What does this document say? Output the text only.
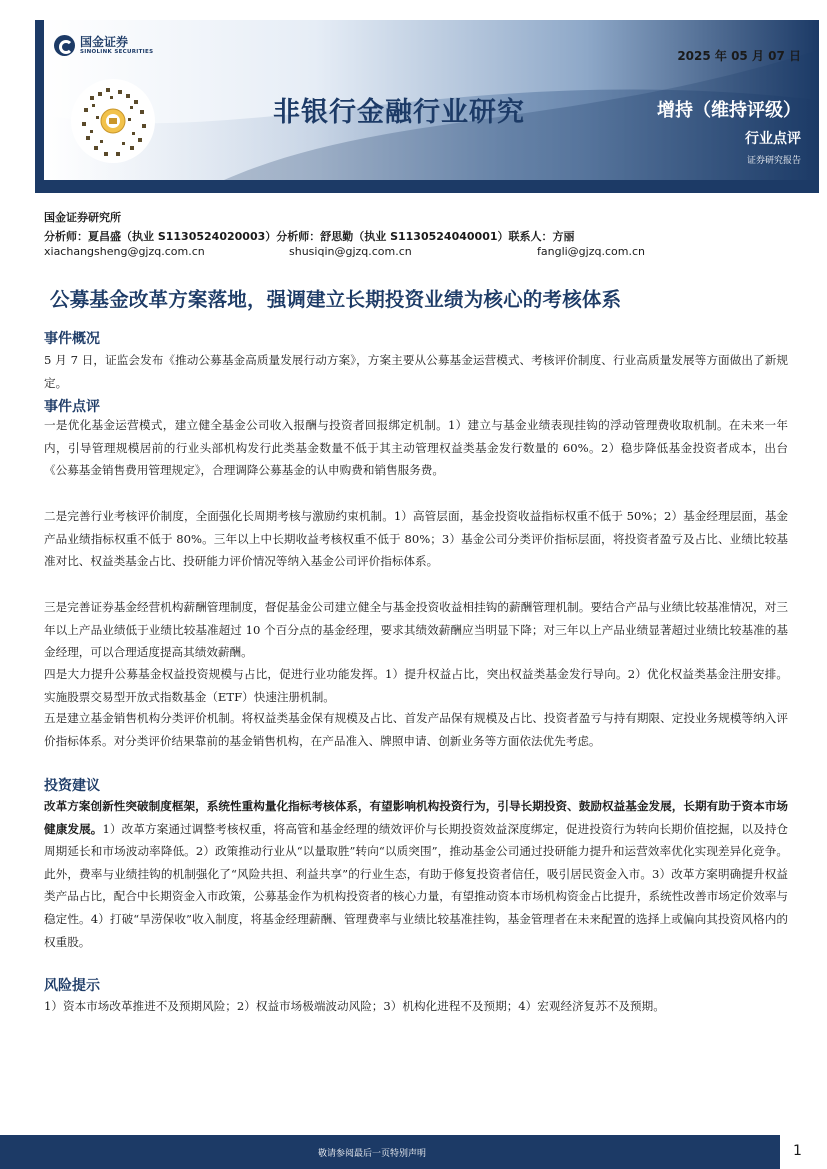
国金证券
SINOLINK SECURITIES
非银行金融行业研究
2025 年 05 月 07 日
增持（维持评级）
行业点评
证券研究报告
国金证券研究所
分析师：夏昌盛（执业 S1130524020003）分析师：舒思勤（执业 S1130524040001）联系人：方丽
xiachangsheng@gjzq.com.cn	shusiqin@gjzq.com.cn	fangli@gjzq.com.cn
公募基金改革方案落地，强调建立长期投资业绩为核心的考核体系
事件概况
5 月 7 日，证监会发布《推动公募基金高质量发展行动方案》，方案主要从公募基金运营模式、考核评价制度、行业高质量发展等方面做出了新规定。
事件点评
一是优化基金运营模式，建立健全基金公司收入报酬与投资者回报绑定机制。1）建立与基金业绩表现挂钩的浮动管理费收取机制。在未来一年内，引导管理规模居前的行业头部机构发行此类基金数量不低于其主动管理权益类基金发行数量的 60%。2）稳步降低基金投资者成本，出台《公募基金销售费用管理规定》，合理调降公募基金的认申购费和销售服务费。
二是完善行业考核评价制度，全面强化长周期考核与激励约束机制。1）高管层面，基金投资收益指标权重不低于 50%；2）基金经理层面，基金产品业绩指标权重不低于 80%。三年以上中长期收益考核权重不低于 80%；3）基金公司分类评价指标层面，将投资者盈亏及占比、业绩比较基准对比、权益类基金占比、投研能力评价情况等纳入基金公司评价指标体系。
三是完善证券基金经营机构薪酬管理制度，督促基金公司建立健全与基金投资收益相挂钩的薪酬管理机制。要结合产品与业绩比较基准情况，对三年以上产品业绩低于业绩比较基准超过 10 个百分点的基金经理，要求其绩效薪酬应当明显下降；对三年以上产品业绩显著超过业绩比较基准的基金经理，可以合理适度提高其绩效薪酬。
四是大力提升公募基金权益投资规模与占比，促进行业功能发挥。1）提升权益占比，突出权益类基金发行导向。2）优化权益类基金注册安排。实施股票交易型开放式指数基金（ETF）快速注册机制。
五是建立基金销售机构分类评价机制。将权益类基金保有规模及占比、首发产品保有规模及占比、投资者盈亏与持有期限、定投业务规模等纳入评价指标体系。对分类评价结果靠前的基金销售机构，在产品准入、牌照申请、创新业务等方面依法优先考虑。
投资建议
改革方案创新性突破制度框架，系统性重构量化指标考核体系，有望影响机构投资行为，引导长期投资、鼓励权益基金发展，长期有助于资本市场健康发展。1）改革方案通过调整考核权重，将高管和基金经理的绩效评价与长期投资效益深度绑定，促进投资行为转向长期价值挖掘，以及持仓周期延长和市场波动率降低。2）政策推动行业从“以量取胜”转向“以质突围”，推动基金公司通过投研能力提升和运营效率优化实现差异化竞争。此外，费率与业绩挂钩的机制强化了“风险共担、利益共享”的行业生态，有助于修复投资者信任，吸引居民资金入市。3）改革方案明确提升权益类产品占比，配合中长期资金入市政策，公募基金作为机构投资者的核心力量，有望推动资本市场机构资金占比提升，系统性改善市场定价效率与稳定性。4）打破“旱涝保收”收入制度，将基金经理薪酬、管理费率与业绩比较基准挂钩，基金管理者在未来配置的选择上或偏向其投资风格内的权重股。
风险提示
1）资本市场改革推进不及预期风险；2）权益市场极端波动风险；3）机构化进程不及预期；4）宏观经济复苏不及预期。
敬请参阅最后一页特别声明	1
